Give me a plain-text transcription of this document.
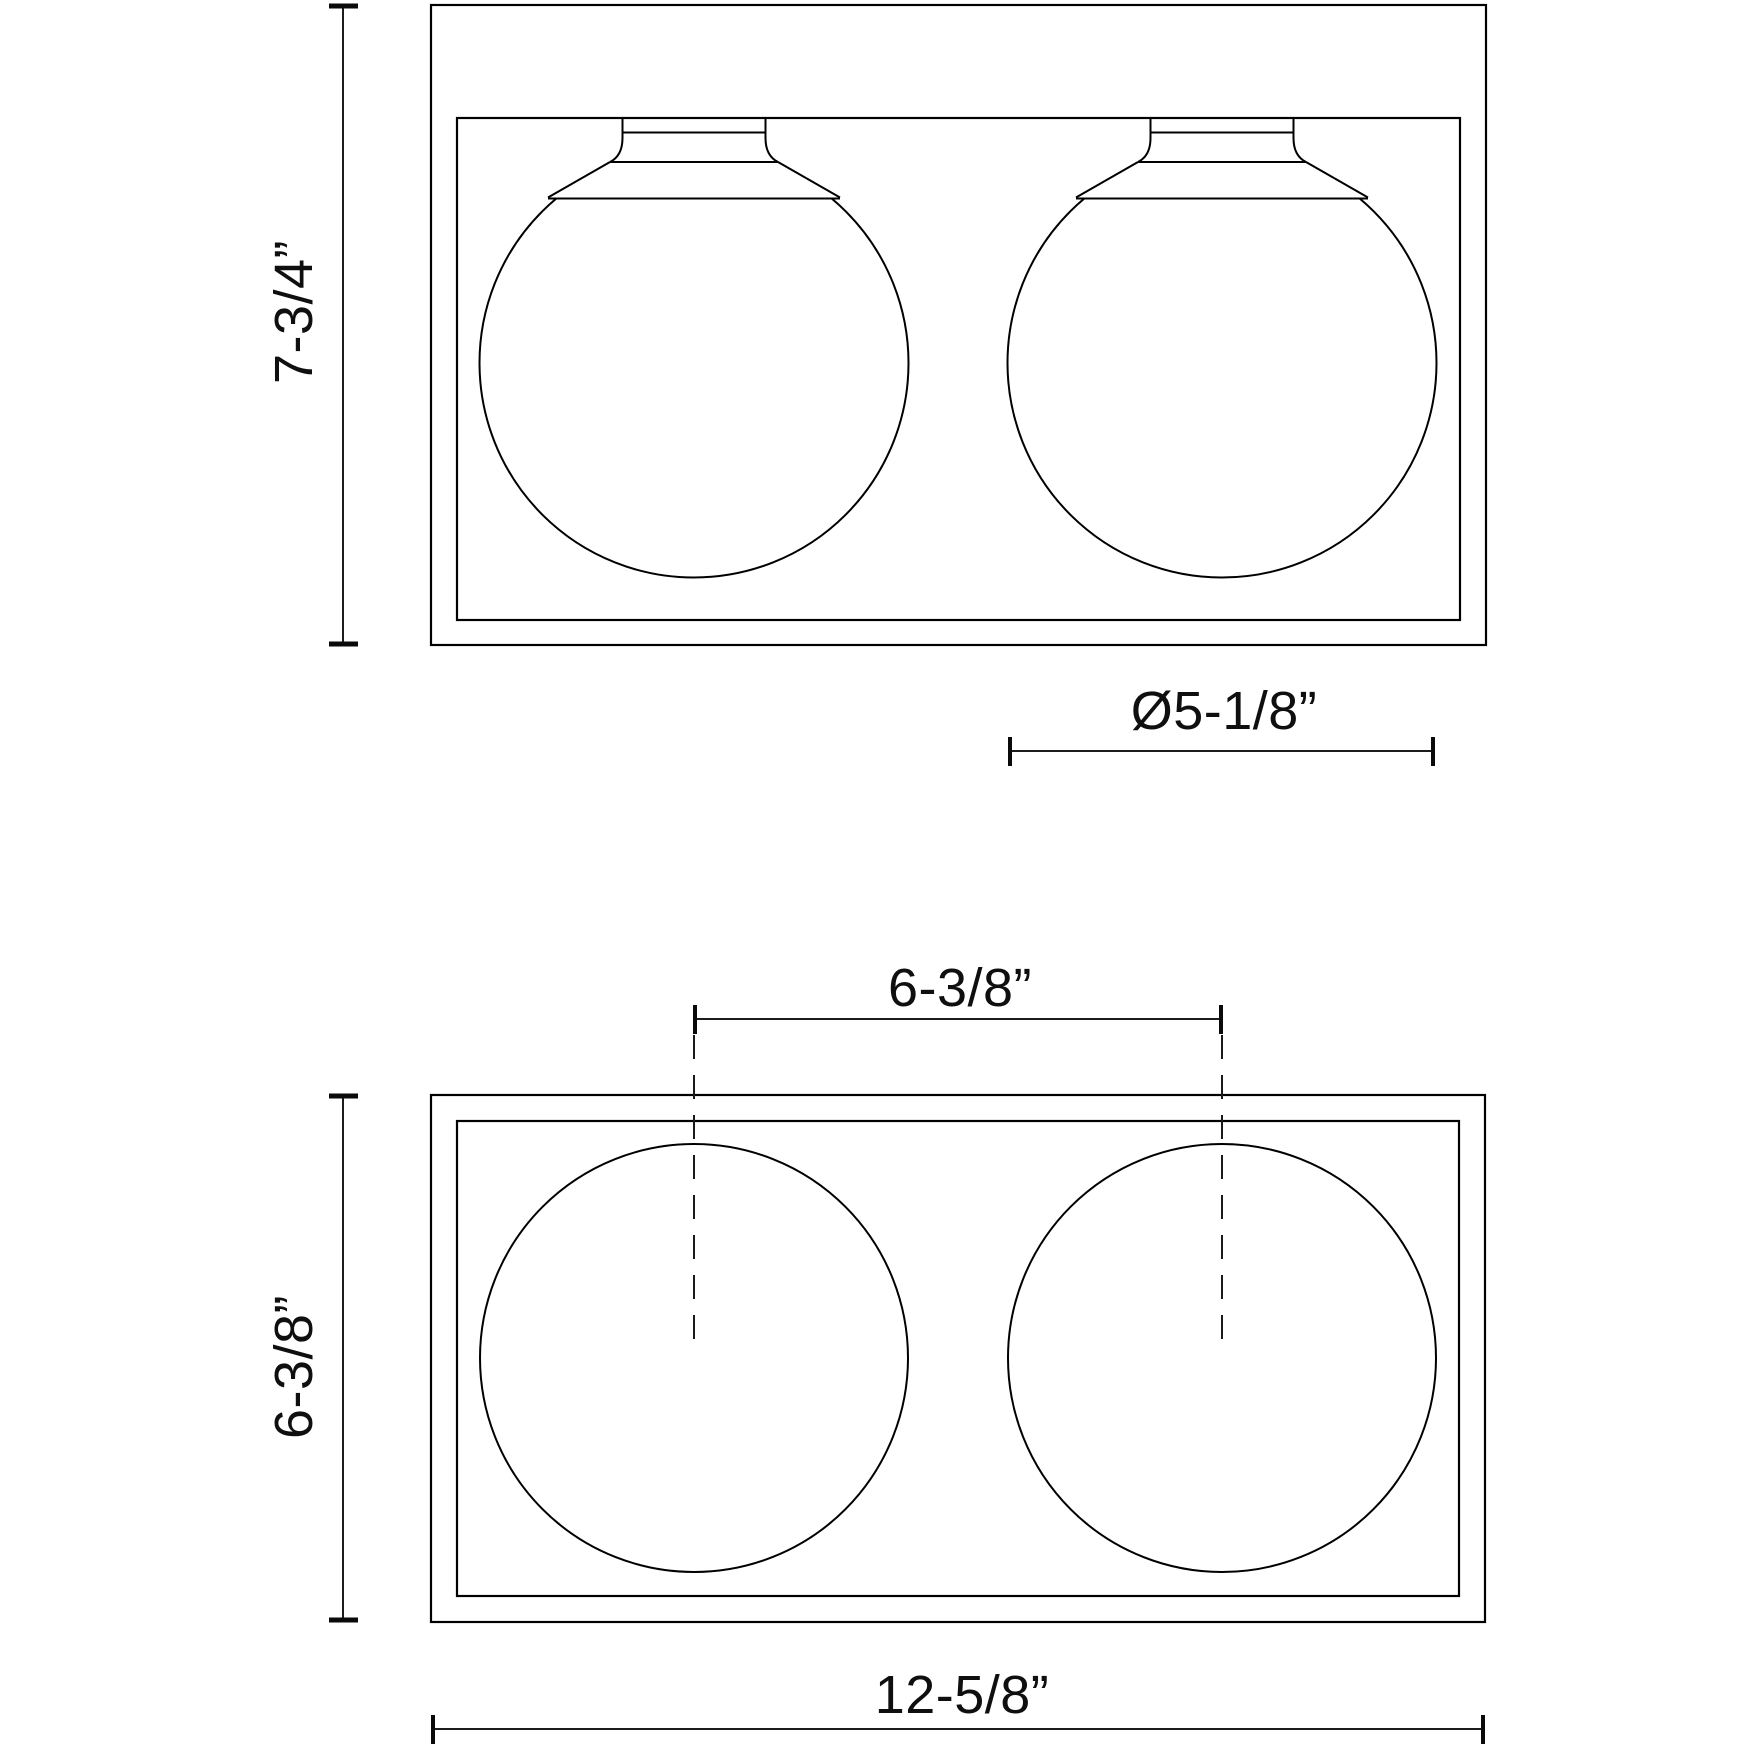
7-3/4”
Ø5-1/8”
6-3/8”
6-3/8”
12-5/8”
